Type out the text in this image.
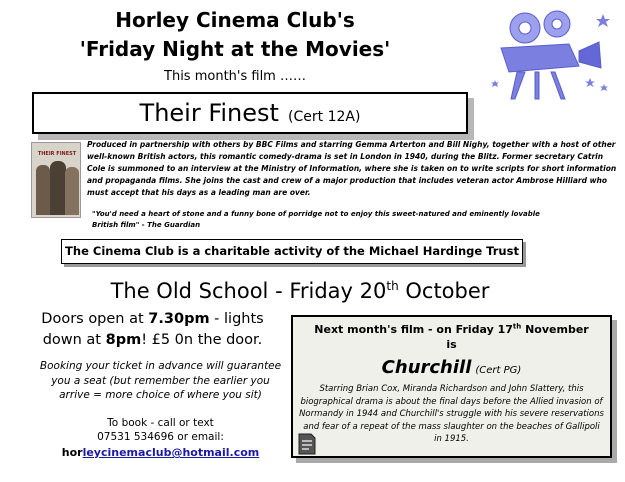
Horley Cinema Club's
'Friday Night at the Movies'
This month's film ……
Their Finest (Cert 12A)
THEIR FINEST
Produced in partnership with others by BBC Films and starring Gemma Arterton and Bill Nighy, together with a host of other well-known British actors, this romantic comedy-drama is set in London in 1940, during the Blitz. Former secretary Catrin Cole is summoned to an interview at the Ministry of Information, where she is taken on to write scripts for short information and propaganda films. She joins the cast and crew of a major production that includes veteran actor Ambrose Hilliard who must accept that his days as a leading man are over.
"You'd need a heart of stone and a funny bone of porridge not to enjoy this sweet-natured and eminently lovable British film" - The Guardian
The Cinema Club is a charitable activity of the Michael Hardinge Trust
The Old School - Friday 20th October
Doors open at 7.30pm - lights down at 8pm! £5 0n the door.
Booking your ticket in advance will guarantee you a seat (but remember the earlier you arrive = more choice of where you sit)
To book - call or text
07531 534696 or email:
horleycinemaclub@hotmail.com
Next month's film - on Friday 17th November
is
Churchill (Cert PG)
Starring Brian Cox, Miranda Richardson and John Slattery, this biographical drama is about the final days before the Allied invasion of Normandy in 1944 and Churchill's struggle with his severe reservations and fear of a repeat of the mass slaughter on the beaches of Gallipoli in 1915.
